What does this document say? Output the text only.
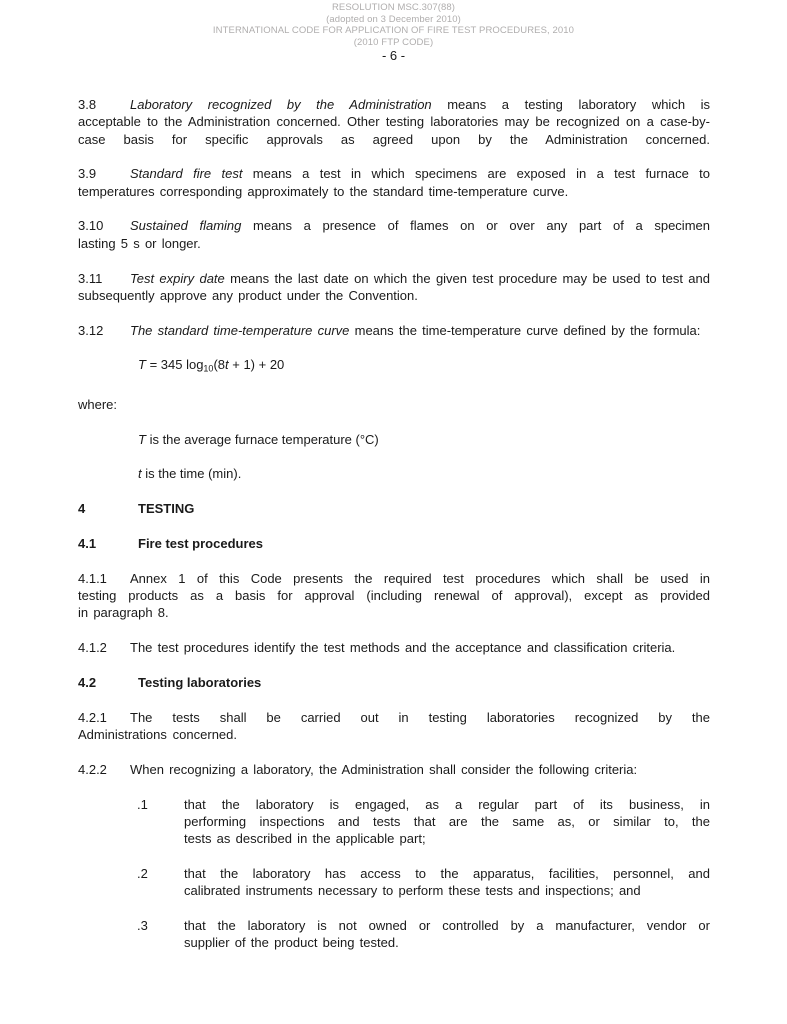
RESOLUTION MSC.307(88)
(adopted on 3 December 2010)
INTERNATIONAL CODE FOR APPLICATION OF FIRE TEST PROCEDURES, 2010
(2010 FTP CODE)
- 6 -

3.8	Laboratory recognized by the Administration means a testing laboratory which is acceptable to the Administration concerned. Other testing laboratories may be recognized on a case-by-case basis for specific approvals as agreed upon by the Administration concerned.

3.9	Standard fire test means a test in which specimens are exposed in a test furnace to temperatures corresponding approximately to the standard time-temperature curve.

3.10 Sustained flaming means a presence of flames on or over any part of a specimen lasting 5 s or longer.

3.11 Test expiry date means the last date on which the given test procedure may be used to test and subsequently approve any product under the Convention.

3.12 The standard time-temperature curve means the time-temperature curve defined by the formula:

T = 345 $\log_{10}(8t + 1) + 20$

where:

T is the average furnace temperature (°C)

t is the time (min).

4	TESTING

4.1	Fire test procedures

4.1.1 Annex 1 of this Code presents the required test procedures which shall be used in testing products as a basis for approval (including renewal of approval), except as provided in paragraph 8.

4.1.2 The test procedures identify the test methods and the acceptance and classification criteria.

4.2	Testing laboratories

4.2.1 The tests shall be carried out in testing laboratories recognized by the Administrations concerned.

4.2.2 When recognizing a laboratory, the Administration shall consider the following criteria:

.1	that the laboratory is engaged, as a regular part of its business, in performing inspections and tests that are the same as, or similar to, the tests as described in the applicable part;
.2	that the laboratory has access to the apparatus, facilities, personnel, and calibrated instruments necessary to perform these tests and inspections; and
.3	that the laboratory is not owned or controlled by a manufacturer, vendor or supplier of the product being tested.
